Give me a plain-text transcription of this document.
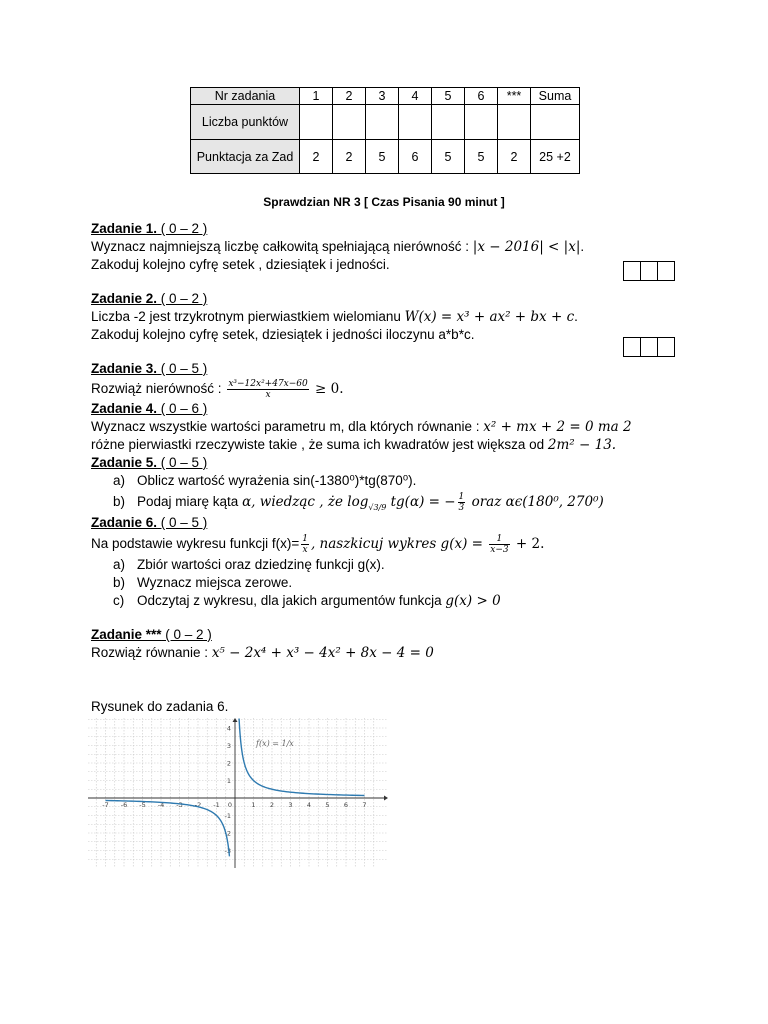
Nr zadania	1	2	3	4	5	6	***	Suma
Liczba punktów								
Punktacja za Zad	2	2	5	6	5	5	2	25 +2
Sprawdzian NR 3 [ Czas Pisania 90 minut ]
Zadanie 1. ( 0 – 2 )
Wyznacz najmniejszą liczbę całkowitą spełniającą nierówność : |x − 2016| < |x|.
Zakoduj kolejno cyfrę setek , dziesiątek i jedności.
Zadanie 2. ( 0 – 2 )
Liczba -2 jest trzykrotnym pierwiastkiem wielomianu W(x) = x³ + ax² + bx + c.
Zakoduj kolejno cyfrę setek, dziesiątek i jedności iloczynu a*b*c.
Zadanie 3. ( 0 – 5 )
Rozwiąż nierówność : $\frac{\text{x³−12x²+47x−60}}{x} \ge 0$.
Zadanie 4. ( 0 – 6 )
Wyznacz wszystkie wartości parametru m, dla których równanie : x² + mx + 2 = 0 ma 2
różne pierwiastki rzeczywiste takie , że suma ich kwadratów jest większa od 2m² − 13.
Zadanie 5. ( 0 – 5 )
a) Oblicz wartość wyrażenia sin(-1380⁰)*tg(870⁰).
b) Podaj miarę kąta α, wiedząc , że $\log_{√3/9} tg(\alpha)$ = − $\frac{1}{3}$ oraz αϵ(180⁰, 270⁰)
Zadanie 6. ( 0 – 5 )
Na podstawie wykresu funkcji $f(x)= \frac{1}{x}$ , naszkicuj wykres $g(x) = \frac{1}{x-3} + 2$.
a) Zbiór wartości oraz dziedzinę funkcji g(x).
b) Wyznacz miejsca zerowe.
c) Odczytaj z wykresu, dla jakich argumentów funkcja g(x) > 0
Zadanie *** ( 0 – 2 )
Rozwiąż równanie : x⁵ − 2x⁴ + x³ − 4x² + 8x − 4 = 0
Rysunek do zadania 6.
-7 -6 -5 -4 -3 -2 -1 0	1 2 3 4 5 6 7
4
3
2
1
-1
-2
-3
f(x) = 1/x
